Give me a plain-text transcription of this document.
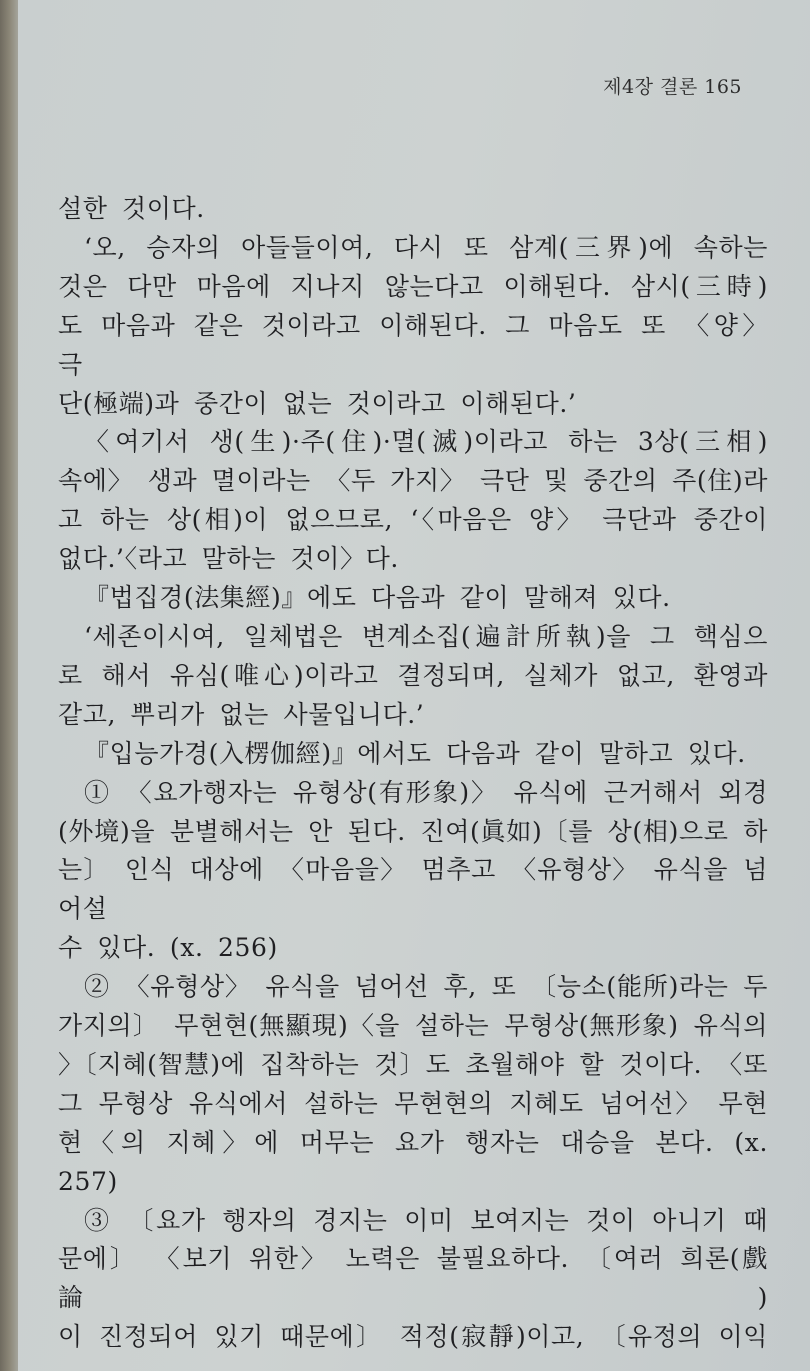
제4장 결론 165
설한 것이다.
‘오, 승자의 아들들이여, 다시 또 삼계(三界)에 속하는
것은 다만 마음에 지나지 않는다고 이해된다. 삼시(三時)
도 마음과 같은 것이라고 이해된다. 그 마음도 또 〈양〉 극
단(極端)과 중간이 없는 것이라고 이해된다.’
〈여기서 생(生)·주(住)·멸(滅)이라고 하는 3상(三相)
속에〉 생과 멸이라는 〈두 가지〉 극단 및 중간의 주(住)라
고 하는 상(相)이 없으므로, ‘〈마음은 양〉 극단과 중간이
없다.’〈라고 말하는 것이〉다.
『법집경(法集經)』에도 다음과 같이 말해져 있다.
‘세존이시여, 일체법은 변계소집(遍計所執)을 그 핵심으
로 해서 유심(唯心)이라고 결정되며, 실체가 없고, 환영과
같고, 뿌리가 없는 사물입니다.’
『입능가경(入楞伽經)』에서도 다음과 같이 말하고 있다.
① 〈요가행자는 유형상(有形象)〉 유식에 근거해서 외경
(外境)을 분별해서는 안 된다. 진여(眞如)〔를 상(相)으로 하
는〕 인식 대상에 〈마음을〉 멈추고 〈유형상〉 유식을 넘어설
수 있다. (x. 256)
② 〈유형상〉 유식을 넘어선 후, 또 〔능소(能所)라는 두
가지의〕 무현현(無顯現)〈을 설하는 무형상(無形象) 유식의
〉〔지혜(智慧)에 집착하는 것〕도 초월해야 할 것이다. 〈또
그 무형상 유식에서 설하는 무현현의 지혜도 넘어선〉 무현
현〈의 지혜〉에 머무는 요가 행자는 대승을 본다. (x. 257)
③ 〔요가 행자의 경지는 이미 보여지는 것이 아니기 때
문에〕 〈보기 위한〉 노력은 불필요하다. 〔여러 희론(戲論)
이 진정되어 있기 때문에〕 적정(寂靜)이고, 〔유정의 이익
